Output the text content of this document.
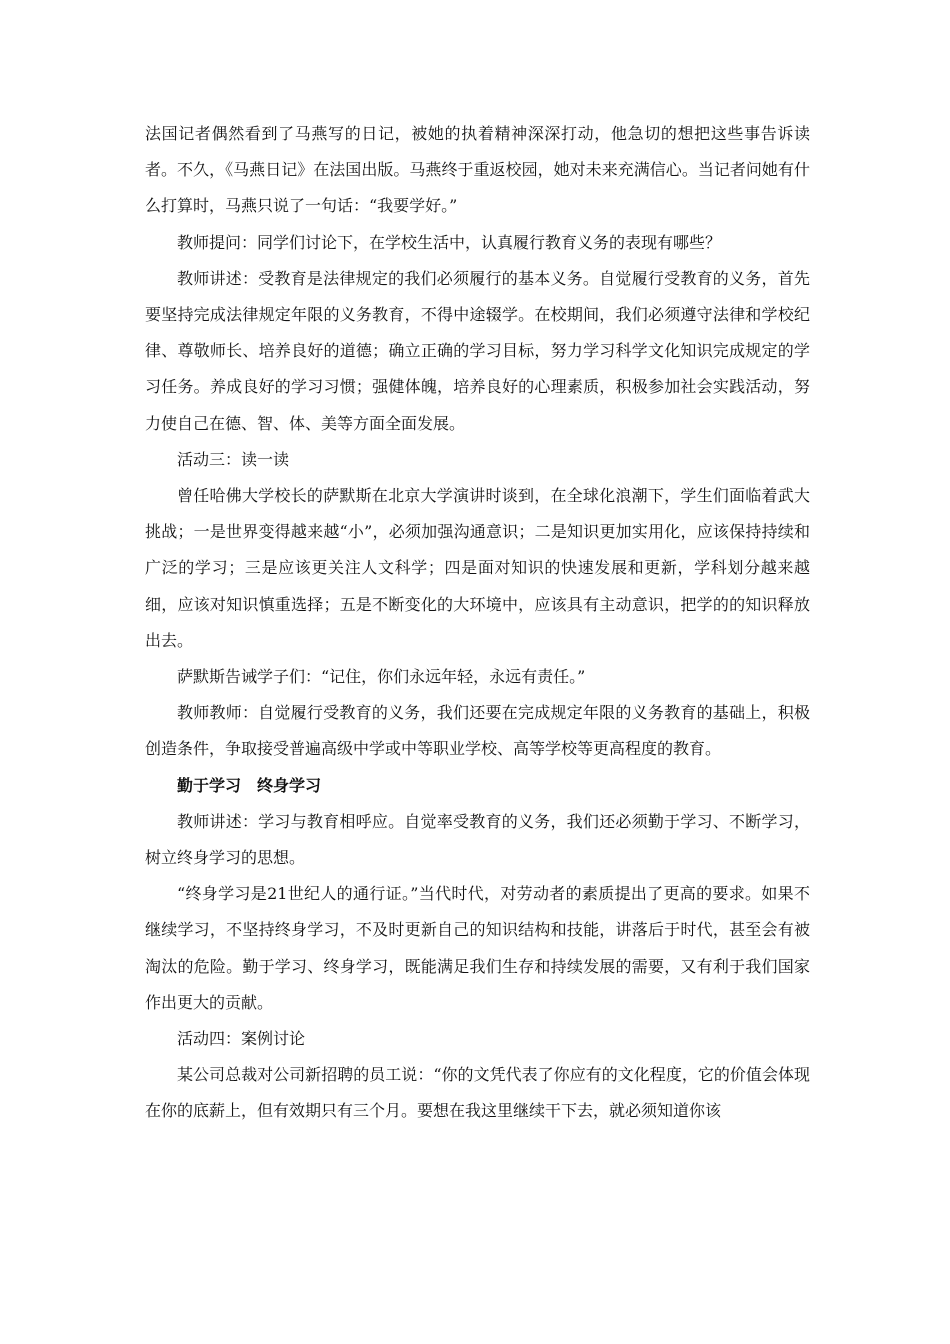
法国记者偶然看到了马燕写的日记，被她的执着精神深深打动，他急切的想把这些事告诉读者。不久，《马燕日记》在法国出版。马燕终于重返校园，她对未来充满信心。当记者问她有什么打算时，马燕只说了一句话：“我要学好。”

教师提问：同学们讨论下，在学校生活中，认真履行教育义务的表现有哪些？

教师讲述：受教育是法律规定的我们必须履行的基本义务。自觉履行受教育的义务，首先要坚持完成法律规定年限的义务教育，不得中途辍学。在校期间，我们必须遵守法律和学校纪律、尊敬师长、培养良好的道德；确立正确的学习目标，努力学习科学文化知识完成规定的学习任务。养成良好的学习习惯；强健体魄，培养良好的心理素质，积极参加社会实践活动，努力使自己在德、智、体、美等方面全面发展。

活动三：读一读

曾任哈佛大学校长的萨默斯在北京大学演讲时谈到，在全球化浪潮下，学生们面临着武大挑战；一是世界变得越来越“小”，必须加强沟通意识；二是知识更加实用化，应该保持持续和广泛的学习；三是应该更关注人文科学；四是面对知识的快速发展和更新，学科划分越来越细，应该对知识慎重选择；五是不断变化的大环境中，应该具有主动意识，把学的的知识释放出去。

萨默斯告诫学子们：“记住，你们永远年轻，永远有责任。”

教师教师：自觉履行受教育的义务，我们还要在完成规定年限的义务教育的基础上，积极创造条件，争取接受普遍高级中学或中等职业学校、高等学校等更高程度的教育。

勤于学习 终身学习

教师讲述：学习与教育相呼应。自觉率受教育的义务，我们还必须勤于学习、不断学习，树立终身学习的思想。

“终身学习是21世纪人的通行证。”当代时代，对劳动者的素质提出了更高的要求。如果不继续学习，不坚持终身学习，不及时更新自己的知识结构和技能，讲落后于时代，甚至会有被淘汰的危险。勤于学习、终身学习，既能满足我们生存和持续发展的需要，又有利于我们国家作出更大的贡献。

活动四：案例讨论

某公司总裁对公司新招聘的员工说：“你的文凭代表了你应有的文化程度，它的价值会体现在你的底薪上，但有效期只有三个月。要想在我这里继续干下去，就必须知道你该
